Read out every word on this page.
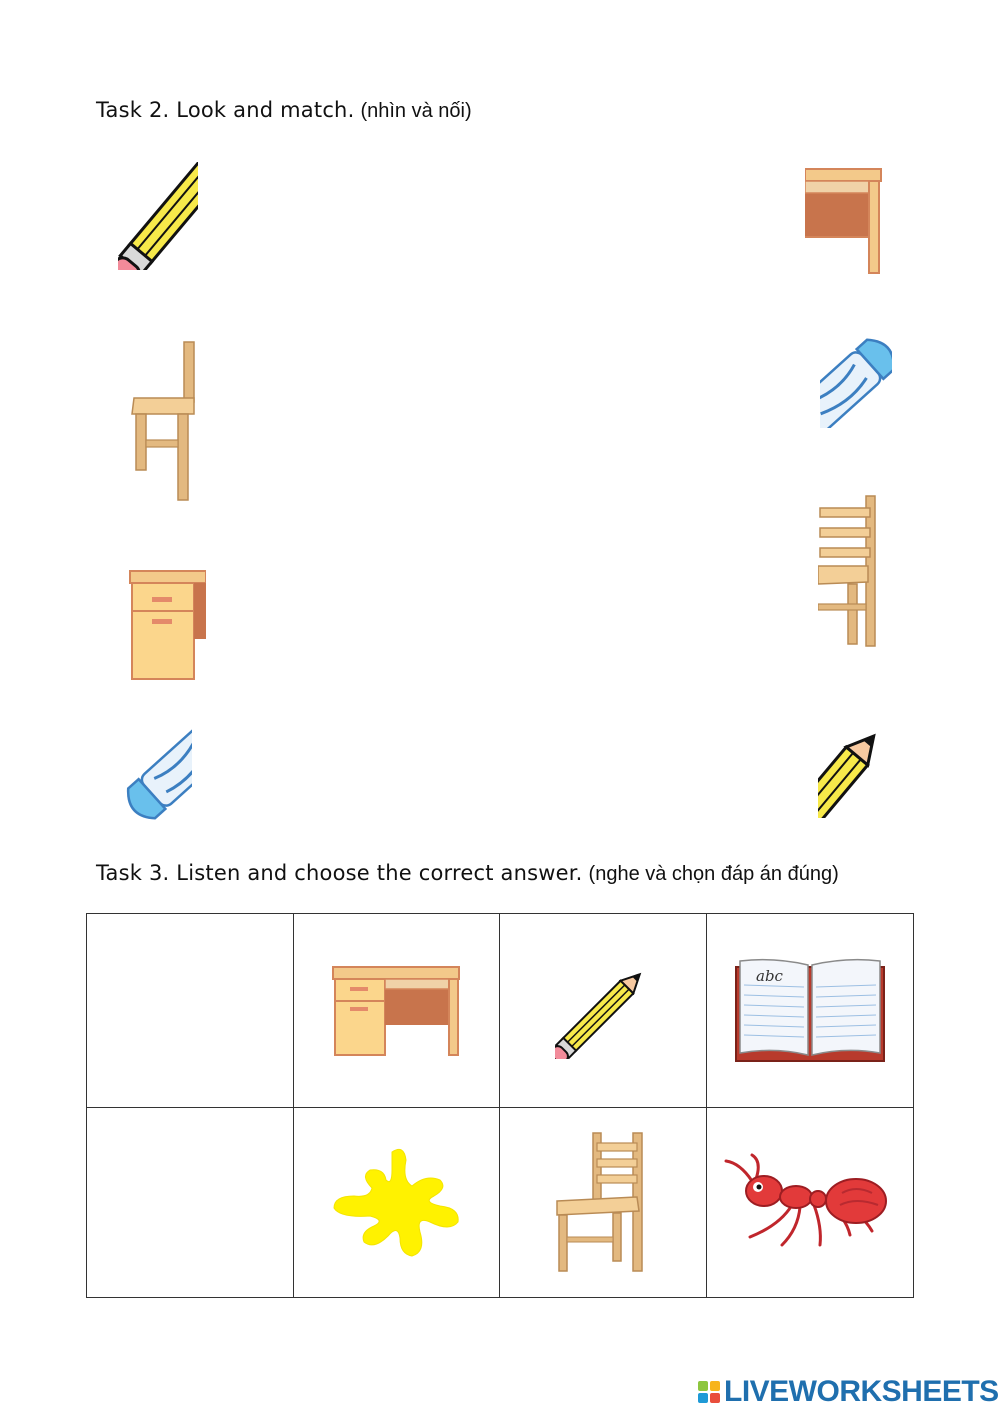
Task 2. Look and match. (nhìn và nối)
Task 3. Listen and choose the correct answer. (nghe và chọn đáp án đúng)

abc

LIVEWORKSHEETS
